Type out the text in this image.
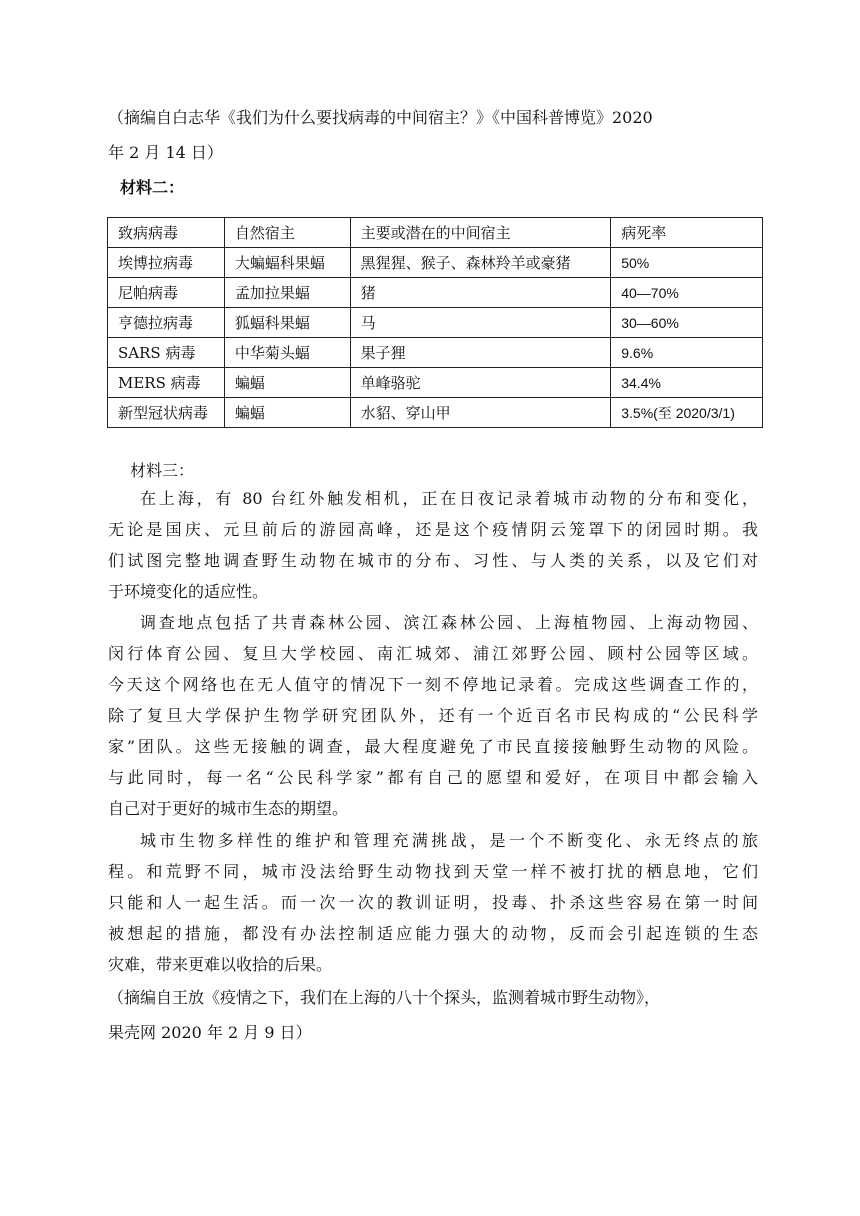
（摘编自白志华《我们为什么要找病毒的中间宿主？》《中国科普博览》2020
年 2 月 14 日）
材料二：
致病病毒	自然宿主	主要或潜在的中间宿主	病死率
埃博拉病毒	大蝙蝠科果蝠	黑猩猩、猴子、森林羚羊或豪猪	50%
尼帕病毒	孟加拉果蝠	猪	40—70%
亨德拉病毒	狐蝠科果蝠	马	30—60%
SARS 病毒	中华菊头蝠	果子狸	9.6%
MERS 病毒	蝙蝠	单峰骆驼	34.4%
新型冠状病毒	蝙蝠	水貂、穿山甲	3.5%(至 2020/3/1)
材料三：
在上海，有 80 台红外触发相机，正在日夜记录着城市动物的分布和变化，
无论是国庆、元旦前后的游园高峰，还是这个疫情阴云笼罩下的闭园时期。我
们试图完整地调查野生动物在城市的分布、习性、与人类的关系，以及它们对
于环境变化的适应性。
调查地点包括了共青森林公园、滨江森林公园、上海植物园、上海动物园、
闵行体育公园、复旦大学校园、南汇城郊、浦江郊野公园、顾村公园等区域。
今天这个网络也在无人值守的情况下一刻不停地记录着。完成这些调查工作的，
除了复旦大学保护生物学研究团队外，还有一个近百名市民构成的“公民科学
家”团队。这些无接触的调查，最大程度避免了市民直接接触野生动物的风险。
与此同时，每一名“公民科学家”都有自己的愿望和爱好，在项目中都会输入
自己对于更好的城市生态的期望。
城市生物多样性的维护和管理充满挑战，是一个不断变化、永无终点的旅
程。和荒野不同，城市没法给野生动物找到天堂一样不被打扰的栖息地，它们
只能和人一起生活。而一次一次的教训证明，投毒、扑杀这些容易在第一时间
被想起的措施，都没有办法控制适应能力强大的动物，反而会引起连锁的生态
灾难，带来更难以收拾的后果。
（摘编自王放《疫情之下，我们在上海的八十个探头，监测着城市野生动物》，
果壳网 2020 年 2 月 9 日）
